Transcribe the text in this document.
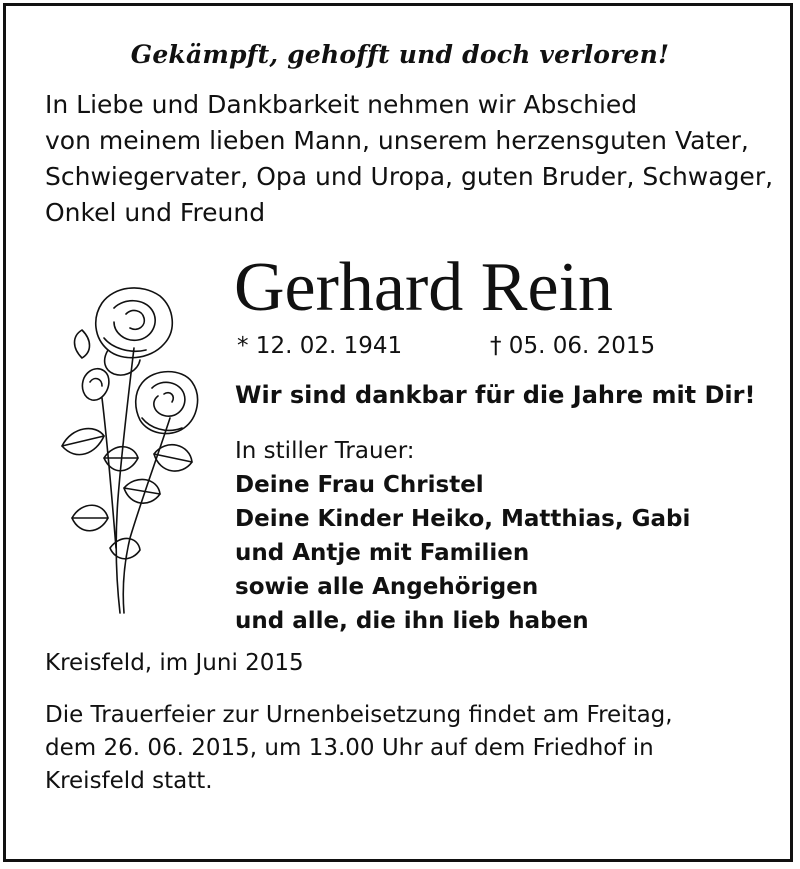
Gekämpft, gehofft und doch verloren!
In Liebe und Dankbarkeit nehmen wir Abschied
von meinem lieben Mann, unserem herzensguten Vater,
Schwiegervater, Opa und Uropa, guten Bruder, Schwager,
Onkel und Freund
Gerhard Rein
* 12. 02. 1941	† 05. 06. 2015
Wir sind dankbar für die Jahre mit Dir!
In stiller Trauer:
Deine Frau Christel
Deine Kinder Heiko, Matthias, Gabi
und Antje mit Familien
sowie alle Angehörigen
und alle, die ihn lieb haben
Kreisfeld, im Juni 2015
Die Trauerfeier zur Urnenbeisetzung findet am Freitag,
dem 26. 06. 2015, um 13.00 Uhr auf dem Friedhof in
Kreisfeld statt.
